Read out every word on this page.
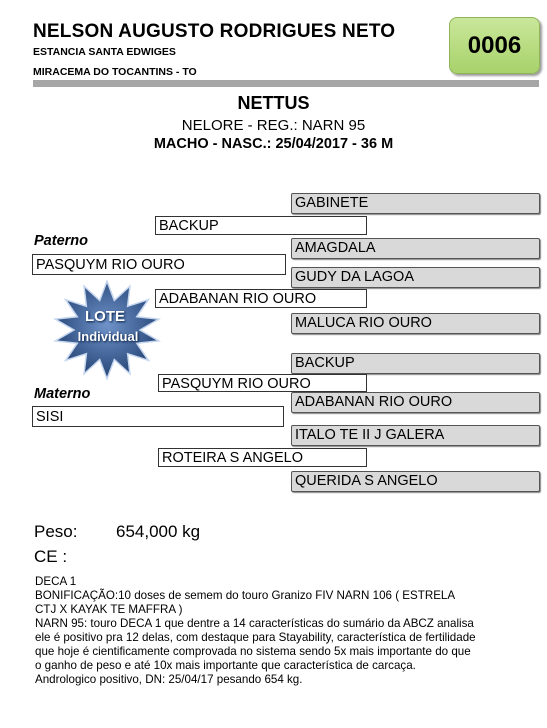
NELSON AUGUSTO RODRIGUES NETO
ESTANCIA SANTA EDWIGES
MIRACEMA DO TOCANTINS - TO
0006
NETTUS
NELORE - REG.: NARN 95
MACHO - NASC.: 25/04/2017 - 36 M
GABINETE
AMAGDALA
GUDY DA LAGOA
MALUCA RIO OURO
BACKUP
ADABANAN RIO OURO
ITALO TE II J GALERA
QUERIDA S ANGELO
BACKUP
ADABANAN RIO OURO
PASQUYM RIO OURO
ROTEIRA S ANGELO
Paterno
PASQUYM RIO OURO
Materno
SISI
LOTE
Individual
Peso: 654,000 kg
CE :
DECA 1
BONIFICAÇÃO:10 doses de semem do touro Granizo FIV NARN 106 ( ESTRELA
CTJ X KAYAK TE MAFFRA )
NARN 95: touro DECA 1 que dentre a 14 características do sumário da ABCZ analisa
ele é positivo pra 12 delas, com destaque para Stayability, característica de fertilidade
que hoje é cientificamente comprovada no sistema sendo 5x mais importante do que
o ganho de peso e até 10x mais importante que característica de carcaça.
Andrologico positivo, DN: 25/04/17 pesando 654 kg.
